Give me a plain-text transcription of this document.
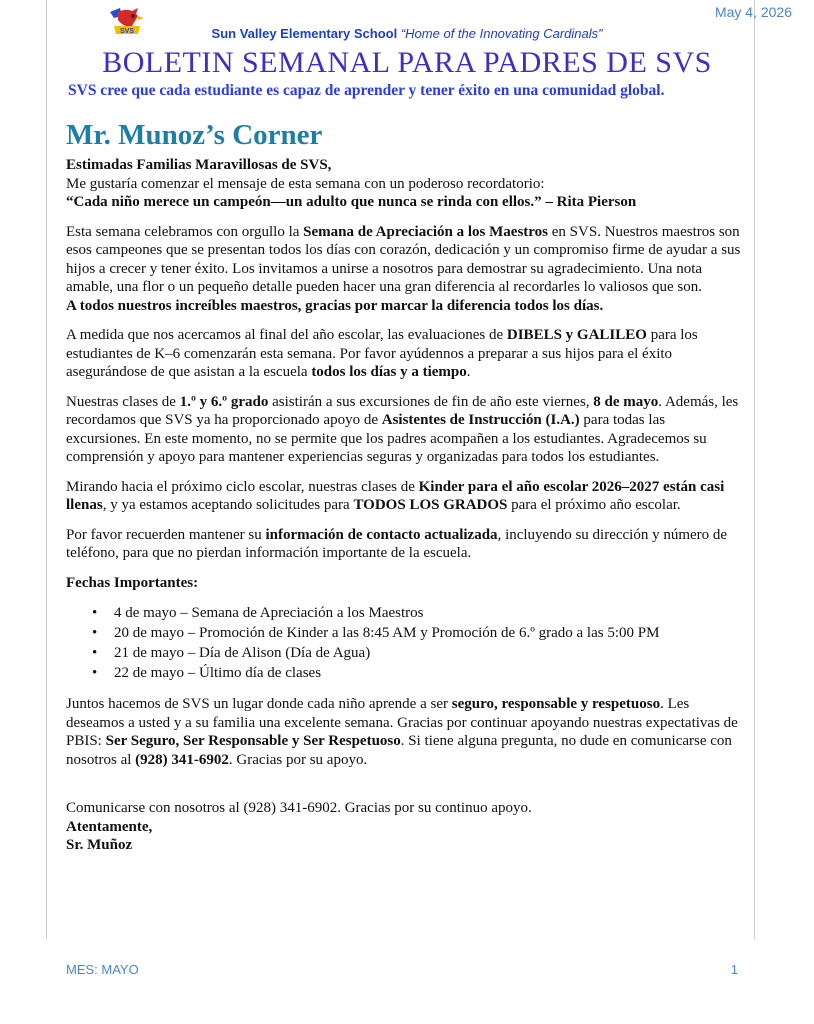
May 4, 2026
SVS	Sun Valley Elementary School “Home of the Innovating Cardinals”
BOLETIN SEMANAL PARA PADRES DE SVS
SVS cree que cada estudiante es capaz de aprender y tener éxito en una comunidad global.
Mr. Munoz’s Corner

Estimadas Familias Maravillosas de SVS,
Me gustaría comenzar el mensaje de esta semana con un poderoso recordatorio:
“Cada niño merece un campeón—un adulto que nunca se rinda con ellos.” – Rita Pierson

Esta semana celebramos con orgullo la Semana de Apreciación a los Maestros en SVS. Nuestros maestros son esos campeones que se presentan todos los días con corazón, dedicación y un compromiso firme de ayudar a sus hijos a crecer y tener éxito. Los invitamos a unirse a nosotros para demostrar su agradecimiento. Una nota amable, una flor o un pequeño detalle pueden hacer una gran diferencia al recordarles lo valiosos que son.
A todos nuestros increíbles maestros, gracias por marcar la diferencia todos los días.

A medida que nos acercamos al final del año escolar, las evaluaciones de DIBELS y GALILEO para los estudiantes de K–6 comenzarán esta semana. Por favor ayúdennos a preparar a sus hijos para el éxito asegurándose de que asistan a la escuela todos los días y a tiempo.

Nuestras clases de 1.º y 6.º grado asistirán a sus excursiones de fin de año este viernes, 8 de mayo. Además, les recordamos que SVS ya ha proporcionado apoyo de Asistentes de Instrucción (I.A.) para todas las excursiones. En este momento, no se permite que los padres acompañen a los estudiantes. Agradecemos su comprensión y apoyo para mantener experiencias seguras y organizadas para todos los estudiantes.

Mirando hacia el próximo ciclo escolar, nuestras clases de Kinder para el año escolar 2026–2027 están casi llenas, y ya estamos aceptando solicitudes para TODOS LOS GRADOS para el próximo año escolar.

Por favor recuerden mantener su información de contacto actualizada, incluyendo su dirección y número de teléfono, para que no pierdan información importante de la escuela.

Fechas Importantes:

• 4 de mayo – Semana de Apreciación a los Maestros
• 20 de mayo – Promoción de Kinder a las 8:45 AM y Promoción de 6.º grado a las 5:00 PM
• 21 de mayo – Día de Alison (Día de Agua)
• 22 de mayo – Último día de clases

Juntos hacemos de SVS un lugar donde cada niño aprende a ser seguro, responsable y respetuoso. Les deseamos a usted y a su familia una excelente semana. Gracias por continuar apoyando nuestras expectativas de PBIS: Ser Seguro, Ser Responsable y Ser Respetuoso. Si tiene alguna pregunta, no dude en comunicarse con nosotros al (928) 341-6902. Gracias por su apoyo.

Comunicarse con nosotros al (928) 341-6902. Gracias por su continuo apoyo.
Atentamente,
Sr. Muñoz

MES: MAYO	1
